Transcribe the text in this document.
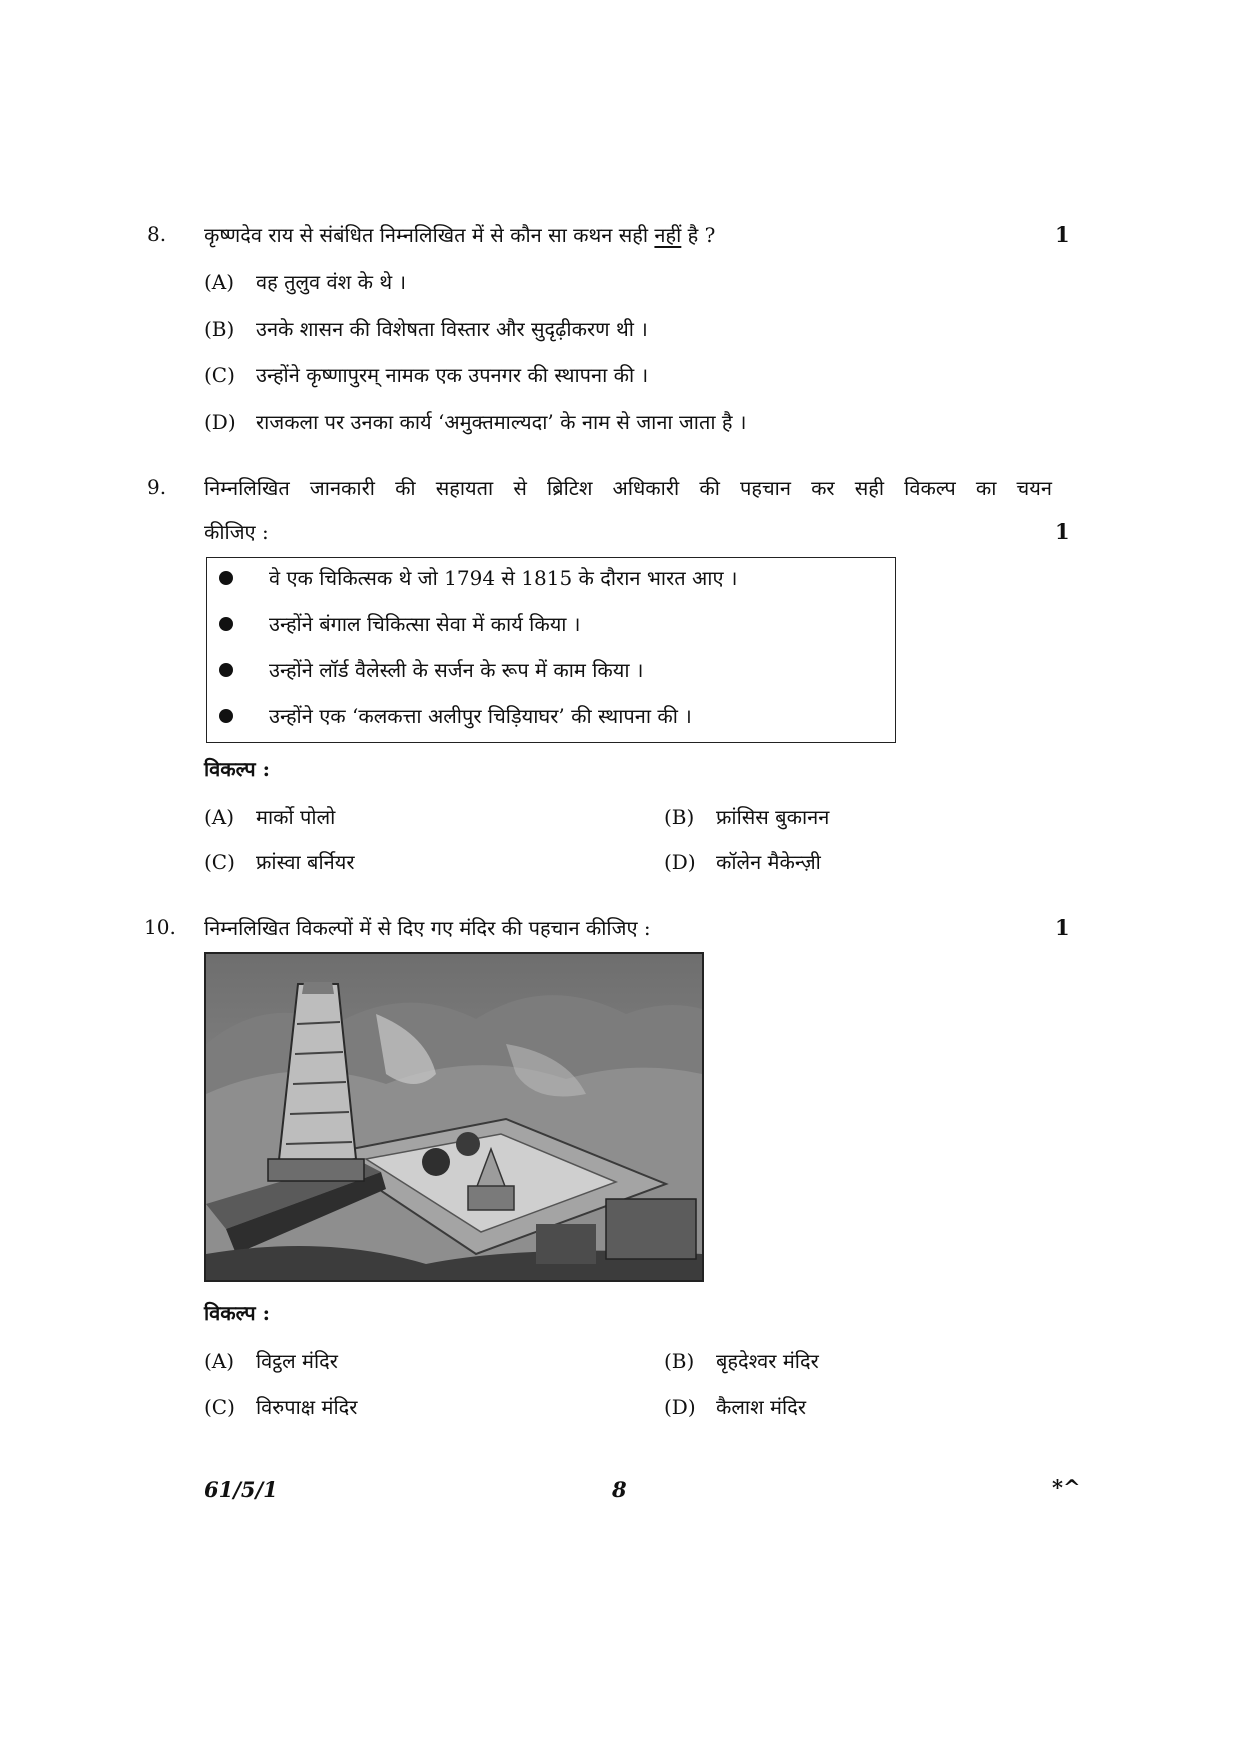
8. कृष्णदेव राय से संबंधित निम्नलिखित में से कौन सा कथन सही नहीं है ?	1
(A) वह तुलुव वंश के थे ।
(B) उनके शासन की विशेषता विस्तार और सुदृढ़ीकरण थी ।
(C) उन्होंने कृष्णापुरम् नामक एक उपनगर की स्थापना की ।
(D) राजकला पर उनका कार्य ‘अमुक्तमाल्यदा’ के नाम से जाना जाता है ।
9. निम्नलिखित जानकारी की सहायता से ब्रिटिश अधिकारी की पहचान कर सही विकल्प का चयन
कीजिए :	1
वे एक चिकित्सक थे जो 1794 से 1815 के दौरान भारत आए ।
उन्होंने बंगाल चिकित्सा सेवा में कार्य किया ।
उन्होंने लॉर्ड वैलेस्ली के सर्जन के रूप में काम किया ।
उन्होंने एक ‘कलकत्ता अलीपुर चिड़ियाघर’ की स्थापना की ।
विकल्प :
(A) मार्को पोलो	(B) फ्रांसिस बुकानन
(C) फ्रांस्वा बर्नियर	(D) कॉलेन मैकेन्ज़ी
10. निम्नलिखित विकल्पों में से दिए गए मंदिर की पहचान कीजिए :	1
विकल्प :
(A) विट्ठल मंदिर	(B) बृहदेश्वर मंदिर
(C) विरुपाक्ष मंदिर	(D) कैलाश मंदिर
61/5/1	8	*^
